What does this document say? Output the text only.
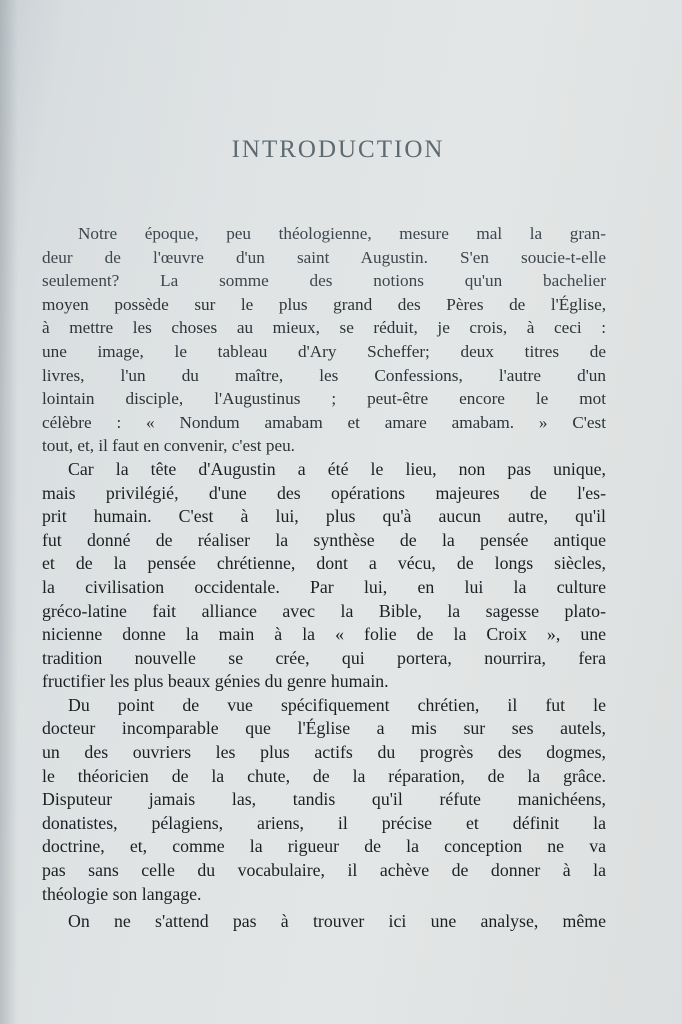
INTRODUCTION
Notre époque, peu théologienne, mesure mal la gran-
deur de l'œuvre d'un saint Augustin. S'en soucie-t-elle
seulement? La somme des notions qu'un bachelier
moyen possède sur le plus grand des Pères de l'Église,
à mettre les choses au mieux, se réduit, je crois, à ceci :
une image, le tableau d'Ary Scheffer; deux titres de
livres, l'un du maître, les Confessions, l'autre d'un
lointain disciple, l'Augustinus ; peut-être encore le mot
célèbre : « Nondum amabam et amare amabam. » C'est
tout, et, il faut en convenir, c'est peu.
Car la tête d'Augustin a été le lieu, non pas unique,
mais privilégié, d'une des opérations majeures de l'es-
prit humain. C'est à lui, plus qu'à aucun autre, qu'il
fut donné de réaliser la synthèse de la pensée antique
et de la pensée chrétienne, dont a vécu, de longs siècles,
la civilisation occidentale. Par lui, en lui la culture
gréco-latine fait alliance avec la Bible, la sagesse plato-
nicienne donne la main à la « folie de la Croix », une
tradition nouvelle se crée, qui portera, nourrira, fera
fructifier les plus beaux génies du genre humain.
Du point de vue spécifiquement chrétien, il fut le
docteur incomparable que l'Église a mis sur ses autels,
un des ouvriers les plus actifs du progrès des dogmes,
le théoricien de la chute, de la réparation, de la grâce.
Disputeur jamais las, tandis qu'il réfute manichéens,
donatistes, pélagiens, ariens, il précise et définit la
doctrine, et, comme la rigueur de la conception ne va
pas sans celle du vocabulaire, il achève de donner à la
théologie son langage.
On ne s'attend pas à trouver ici une analyse, même
